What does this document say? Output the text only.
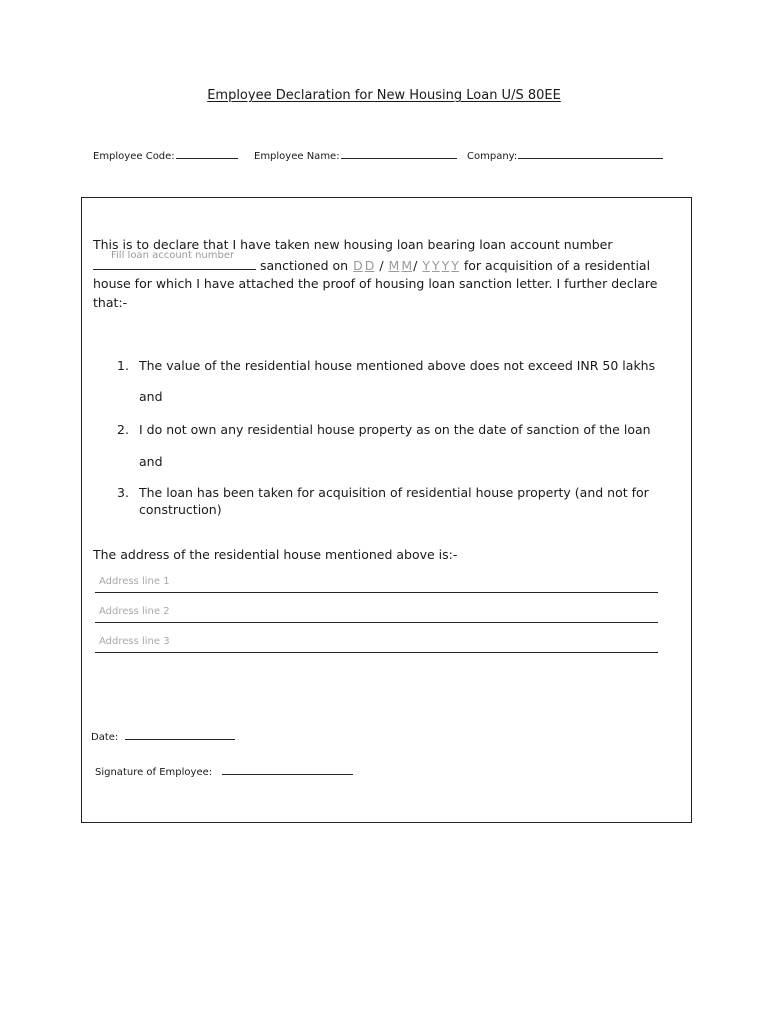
Employee Declaration for New Housing Loan U/S 80EE
Employee Code:	Employee Name:	Company:
This is to declare that I have taken new housing loan bearing loan account number

Fill loan account number
sanctioned on D D / M M/ Y Y Y Y for acquisition of a residential house for which I have attached the proof of housing loan sanction letter. I further declare that:-
1. The value of the residential house mentioned above does not exceed INR 50 lakhs
and
2. I do not own any residential house property as on the date of sanction of the loan
and
3. The loan has been taken for acquisition of residential house property (and not for construction)
The address of the residential house mentioned above is:-
Address line 1
Address line 2
Address line 3
Date:
Signature of Employee:
